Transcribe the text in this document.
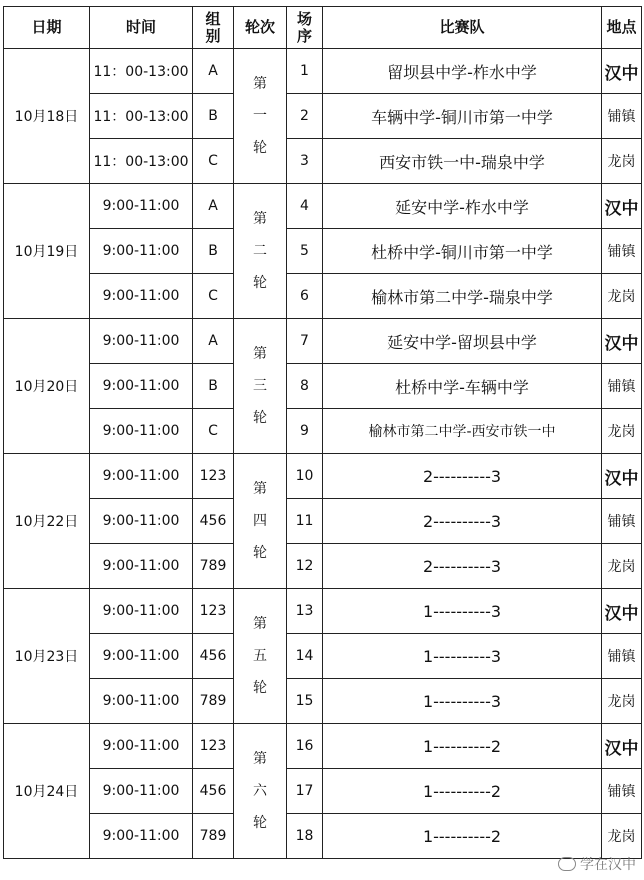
日期	时间	组别	轮次	场序	比赛队	地点
10月18日	11：00-13:00	A	第一轮	1	留坝县中学-柞水中学	汉中
	11：00-13:00	B		2	车辆中学-铜川市第一中学	铺镇
	11：00-13:00	C		3	西安市铁一中-瑞泉中学	龙岗
10月19日	9:00-11:00	A	第二轮	4	延安中学-柞水中学	汉中
	9:00-11:00	B		5	杜桥中学-铜川市第一中学	铺镇
	9:00-11:00	C		6	榆林市第二中学-瑞泉中学	龙岗
10月20日	9:00-11:00	A	第三轮	7	延安中学-留坝县中学	汉中
	9:00-11:00	B		8	杜桥中学-车辆中学	铺镇
	9:00-11:00	C		9	榆林市第二中学-西安市铁一中	龙岗
10月22日	9:00-11:00	123	第四轮	10	2----------3	汉中
	9:00-11:00	456		11	2----------3	铺镇
	9:00-11:00	789		12	2----------3	龙岗
10月23日	9:00-11:00	123	第五轮	13	1----------3	汉中
	9:00-11:00	456		14	1----------3	铺镇
	9:00-11:00	789		15	1----------3	龙岗
10月24日	9:00-11:00	123	第六轮	16	1----------2	汉中
	9:00-11:00	456		17	1----------2	铺镇
	9:00-11:00	789		18	1----------2	龙岗
学在汉中
